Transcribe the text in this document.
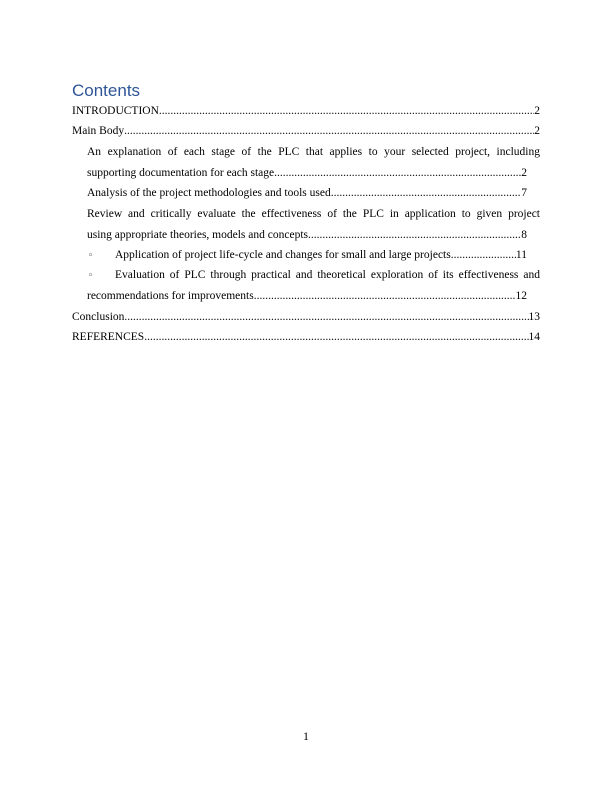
Contents
INTRODUCTION .....	2
Main Body .....	2
An explanation of each stage of the PLC that applies to your selected project, including
supporting documentation for each stage .....	2
Analysis of the project methodologies and tools used .....	7
Review and critically evaluate the effectiveness of the PLC in application to given project
using appropriate theories, models and concepts .....	8
◦ Application of project life-cycle and changes for small and large projects .....	11
◦ Evaluation of PLC through practical and theoretical exploration of its effectiveness and
recommendations for improvements .....	12
Conclusion .....	13
REFERENCES .....	14
1
